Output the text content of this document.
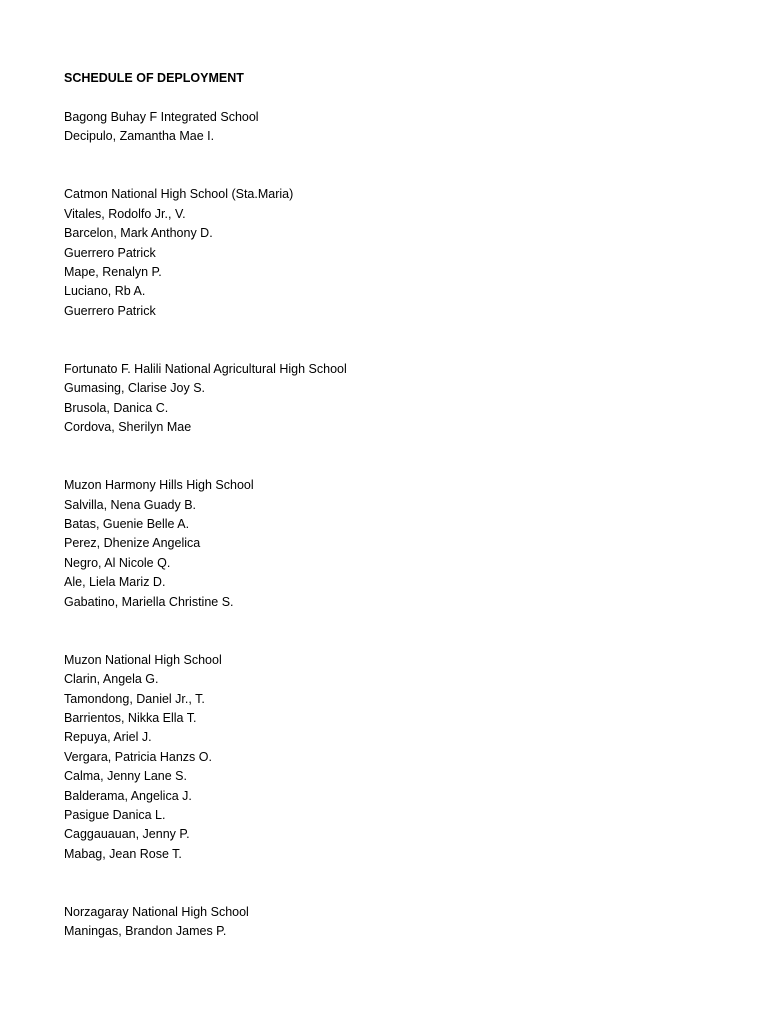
SCHEDULE OF DEPLOYMENT
Bagong Buhay F Integrated School
Decipulo, Zamantha Mae I.
Catmon National High School (Sta.Maria)
Vitales, Rodolfo Jr., V.
Barcelon, Mark Anthony D.
Guerrero Patrick
Mape, Renalyn P.
Luciano, Rb A.
Guerrero Patrick
Fortunato F. Halili National Agricultural High School
Gumasing, Clarise Joy S.
Brusola, Danica C.
Cordova, Sherilyn Mae
Muzon Harmony Hills High School
Salvilla, Nena Guady B.
Batas, Guenie Belle A.
Perez, Dhenize Angelica
Negro, Al Nicole Q.
Ale, Liela Mariz D.
Gabatino, Mariella Christine S.
Muzon National High School
Clarin, Angela G.
Tamondong, Daniel Jr., T.
Barrientos, Nikka Ella T.
Repuya, Ariel J.
Vergara, Patricia Hanzs O.
Calma, Jenny Lane S.
Balderama, Angelica J.
Pasigue Danica L.
Caggauauan, Jenny P.
Mabag, Jean Rose T.
Norzagaray National High School
Maningas, Brandon James P.
